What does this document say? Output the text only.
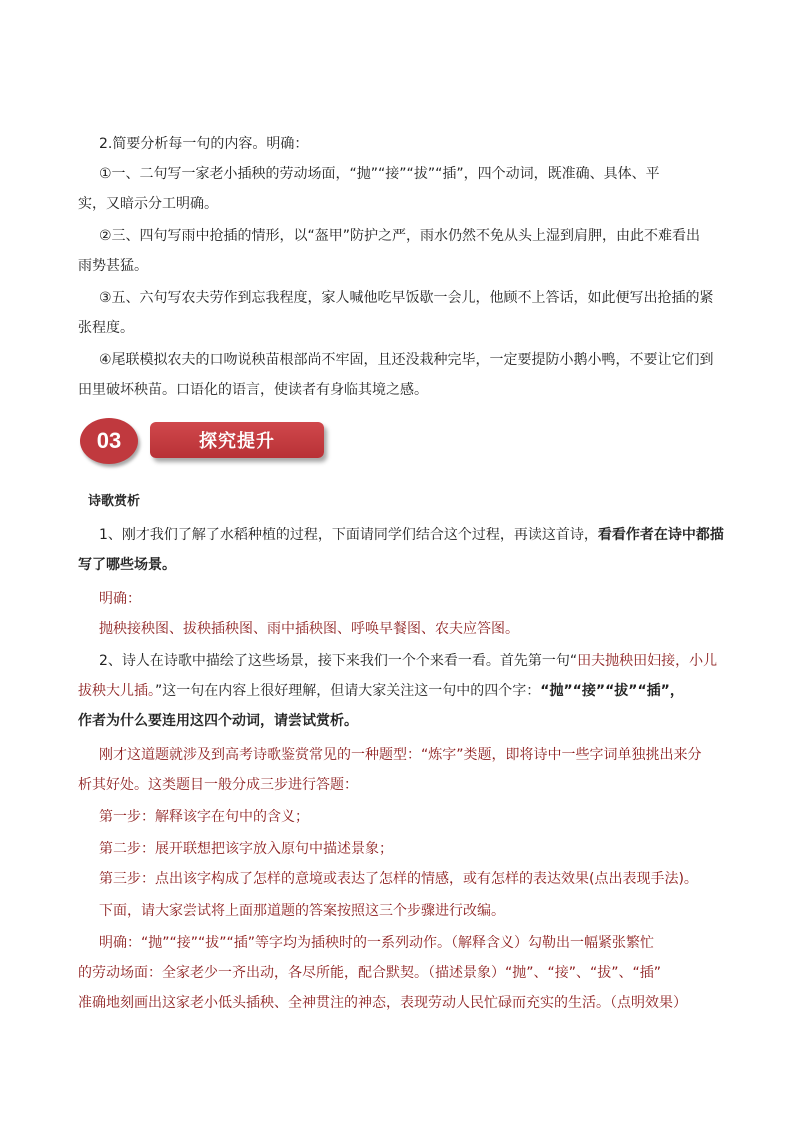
2.简要分析每一句的内容。明确：
①一、二句写一家老小插秧的劳动场面，“抛”“接”“拔”“插”，四个动词，既准确、具体、平
实，又暗示分工明确。
②三、四句写雨中抢插的情形，以“盔甲”防护之严，雨水仍然不免从头上湿到肩胛，由此不难看出
雨势甚猛。
③五、六句写农夫劳作到忘我程度，家人喊他吃早饭歇一会儿，他顾不上答话，如此便写出抢插的紧
张程度。
④尾联模拟农夫的口吻说秧苗根部尚不牢固，且还没栽种完毕，一定要提防小鹅小鸭，不要让它们到
田里破坏秧苗。口语化的语言，使读者有身临其境之感。
03	探究提升
诗歌赏析
1、刚才我们了解了水稻种植的过程，下面请同学们结合这个过程，再读这首诗，看看作者在诗中都描
写了哪些场景。
明确：
抛秧接秧图、拔秧插秧图、雨中插秧图、呼唤早餐图、农夫应答图。
2、诗人在诗歌中描绘了这些场景，接下来我们一个个来看一看。首先第一句“田夫抛秧田妇接，小儿
拔秧大儿插。”这一句在内容上很好理解，但请大家关注这一句中的四个字：“抛”“接”“拔”“插”，
作者为什么要连用这四个动词，请尝试赏析。
刚才这道题就涉及到高考诗歌鉴赏常见的一种题型：“炼字”类题，即将诗中一些字词单独挑出来分
析其好处。这类题目一般分成三步进行答题：
第一步：解释该字在句中的含义；
第二步：展开联想把该字放入原句中描述景象；
第三步：点出该字构成了怎样的意境或表达了怎样的情感，或有怎样的表达效果(点出表现手法)。
下面，请大家尝试将上面那道题的答案按照这三个步骤进行改编。
明确：“抛”“接”“拔”“插”等字均为插秧时的一系列动作。（解释含义）勾勒出一幅紧张繁忙
的劳动场面：全家老少一齐出动，各尽所能，配合默契。（描述景象）“抛”、“接”、“拔”、“插”
准确地刻画出这家老小低头插秧、全神贯注的神态，表现劳动人民忙碌而充实的生活。（点明效果）
